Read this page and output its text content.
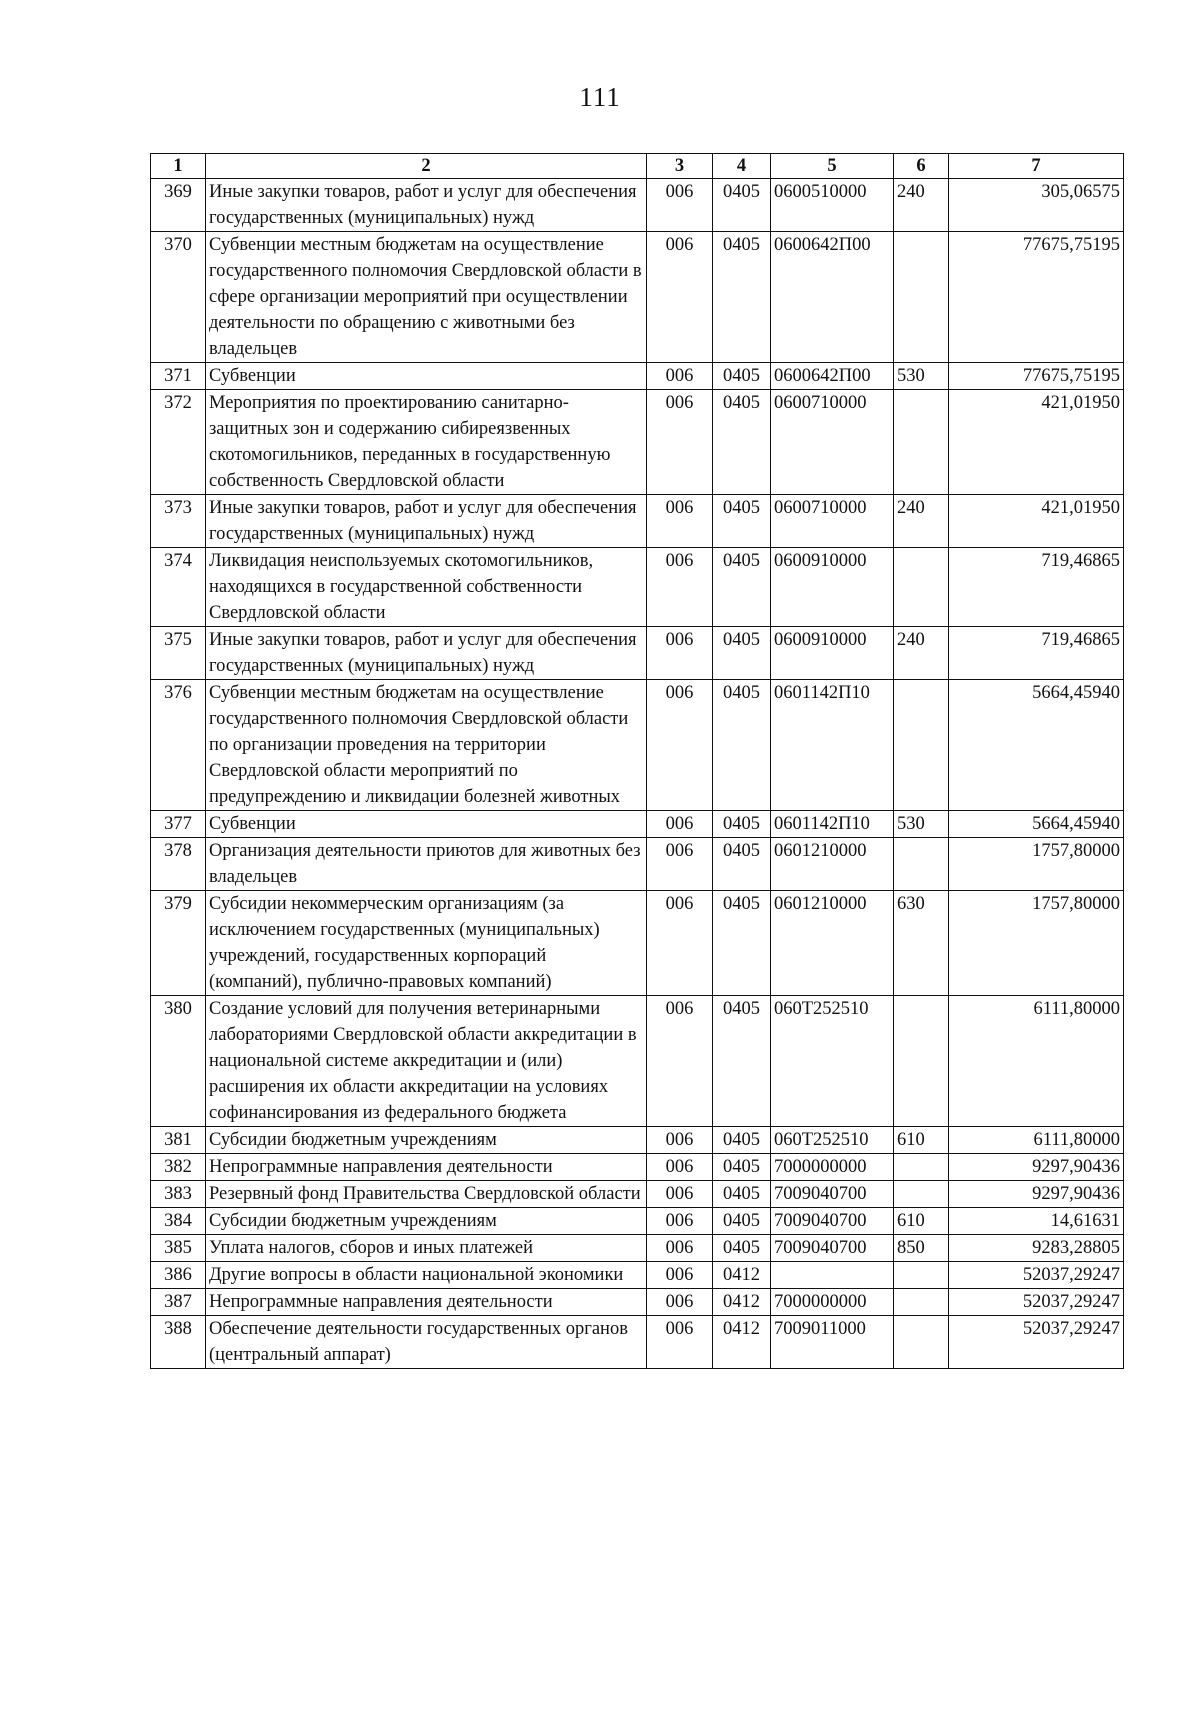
111
1	2	3	4	5	6	7
369	Иные закупки товаров, работ и услуг для обеспечения государственных (муниципальных) нужд	006	0405	0600510000	240	305,06575
370	Субвенции местным бюджетам на осуществление государственного полномочия Свердловской области в сфере организации мероприятий при осуществлении деятельности по обращению с животными без владельцев	006	0405	0600642П00		77675,75195
371	Субвенции	006	0405	0600642П00	530	77675,75195
372	Мероприятия по проектированию санитарно-защитных зон и содержанию сибиреязвенных скотомогильников, переданных в государственную собственность Свердловской области	006	0405	0600710000		421,01950
373	Иные закупки товаров, работ и услуг для обеспечения государственных (муниципальных) нужд	006	0405	0600710000	240	421,01950
374	Ликвидация неиспользуемых скотомогильников, находящихся в государственной собственности Свердловской области	006	0405	0600910000		719,46865
375	Иные закупки товаров, работ и услуг для обеспечения государственных (муниципальных) нужд	006	0405	0600910000	240	719,46865
376	Субвенции местным бюджетам на осуществление государственного полномочия Свердловской области по организации проведения на территории Свердловской области мероприятий по предупреждению и ликвидации болезней животных	006	0405	0601142П10		5664,45940
377	Субвенции	006	0405	0601142П10	530	5664,45940
378	Организация деятельности приютов для животных без владельцев	006	0405	0601210000		1757,80000
379	Субсидии некоммерческим организациям (за исключением государственных (муниципальных) учреждений, государственных корпораций (компаний), публично-правовых компаний)	006	0405	0601210000	630	1757,80000
380	Создание условий для получения ветеринарными лабораториями Свердловской области аккредитации в национальной системе аккредитации и (или) расширения их области аккредитации на условиях софинансирования из федерального бюджета	006	0405	060Т252510		6111,80000
381	Субсидии бюджетным учреждениям	006	0405	060Т252510	610	6111,80000
382	Непрограммные направления деятельности	006	0405	7000000000		9297,90436
383	Резервный фонд Правительства Свердловской области	006	0405	7009040700		9297,90436
384	Субсидии бюджетным учреждениям	006	0405	7009040700	610	14,61631
385	Уплата налогов, сборов и иных платежей	006	0405	7009040700	850	9283,28805
386	Другие вопросы в области национальной экономики	006	0412			52037,29247
387	Непрограммные направления деятельности	006	0412	7000000000		52037,29247
388	Обеспечение деятельности государственных органов (центральный аппарат)	006	0412	7009011000		52037,29247
